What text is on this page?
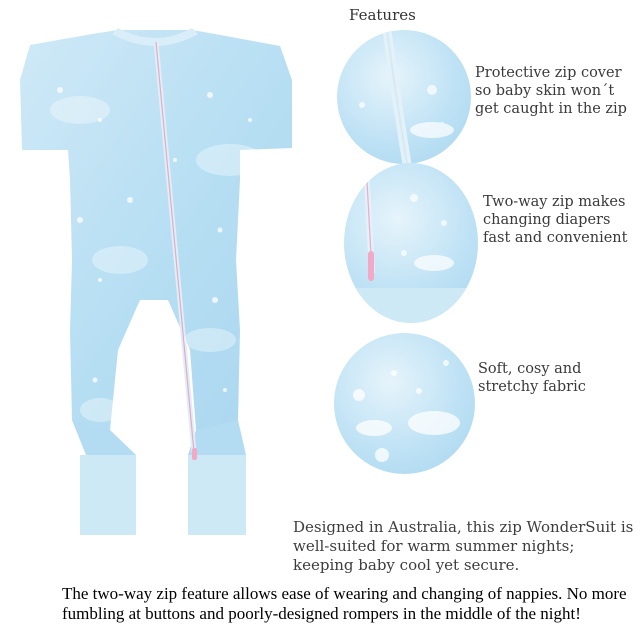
Features
Protective zip cover so baby skin won´t get caught in the zip
Two-way zip makes changing diapers fast and convenient
Soft, cosy and stretchy fabric
Designed in Australia, this zip WonderSuit is well-suited for warm summer nights; keeping baby cool yet secure.
The two-way zip feature allows ease of wearing and changing of nappies. No more fumbling at buttons and poorly-designed rompers in the middle of the night!
